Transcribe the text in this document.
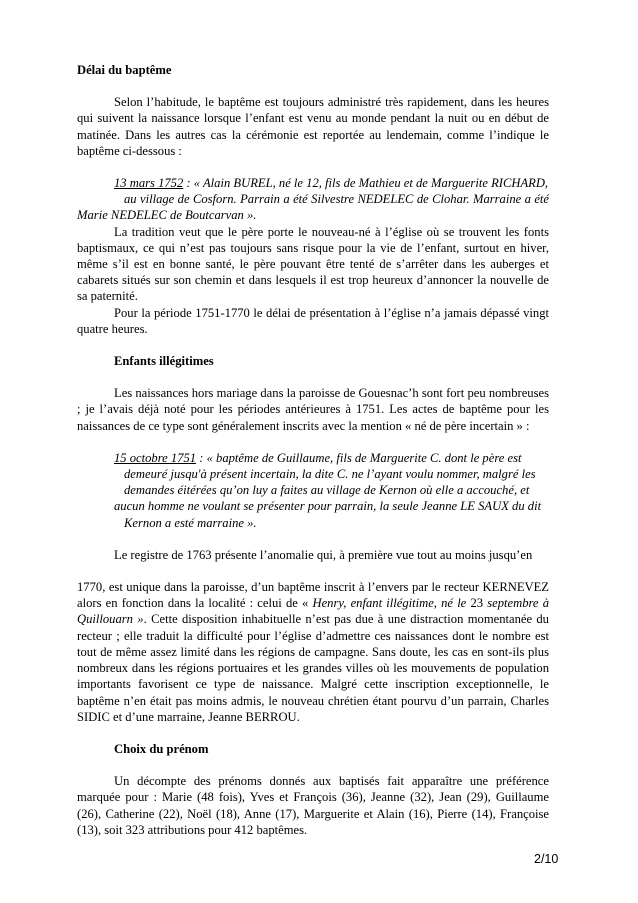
Délai du baptême

Selon l’habitude, le baptême est toujours administré très rapidement, dans les heures qui suivent la naissance lorsque l’enfant est venu au monde pendant la nuit ou en début de matinée. Dans les autres cas la cérémonie est reportée au lendemain, comme l’indique le baptême ci-dessous :

13 mars 1752 : « Alain BUREL, né le 12, fils de Mathieu et de Marguerite RICHARD,

au village de Cosforn. Parrain a été Silvestre NEDELEC de Clohar. Marraine a été Marie NEDELEC de Boutcarvan ».

La tradition veut que le père porte le nouveau-né à l’église où se trouvent les fonts baptismaux, ce qui n’est pas toujours sans risque pour la vie de l’enfant, surtout en hiver, même s’il est en bonne santé, le père pouvant être tenté de s’arrêter dans les auberges et cabarets situés sur son chemin et dans lesquels il est trop heureux d’annoncer la nouvelle de sa paternité.

Pour la période 1751-1770 le délai de présentation à l’église n’a jamais dépassé vingt quatre heures.

Enfants illégitimes

Les naissances hors mariage dans la paroisse de Gouesnac’h sont fort peu nombreuses ; je l’avais déjà noté pour les périodes antérieures à 1751. Les actes de baptême pour les naissances de ce type sont généralement inscrits avec la mention « né de père incertain » :

15 octobre 1751 : « baptême de Guillaume, fils de Marguerite C. dont le père est

demeuré jusqu'à présent incertain, la dite C. ne l’ayant voulu nommer, malgré les

demandes éitérées qu’on luy a faites au village de Kernon où elle a accouché, et

aucun homme ne voulant se présenter pour parrain, la seule Jeanne LE SAUX du dit

Kernon a esté marraine ».

Le registre de 1763 présente l’anomalie qui, à première vue tout au moins jusqu’en

1770, est unique dans la paroisse, d’un baptême inscrit à l’envers par le recteur KERNEVEZ alors en fonction dans la localité : celui de « Henry, enfant illégitime, né le 23 septembre à Quillouarn ». Cette disposition inhabituelle n’est pas due à une distraction momentanée du recteur ; elle traduit la difficulté pour l’église d’admettre ces naissances dont le nombre est tout de même assez limité dans les régions de campagne. Sans doute, les cas en sont-ils plus nombreux dans les régions portuaires et les grandes villes où les mouvements de population importants favorisent ce type de naissance. Malgré cette inscription exceptionnelle, le baptême n’en était pas moins admis, le nouveau chrétien étant pourvu d’un parrain, Charles SIDIC et d’une marraine, Jeanne BERROU.

Choix du prénom

Un décompte des prénoms donnés aux baptisés fait apparaître une préférence marquée pour : Marie (48 fois), Yves et François (36), Jeanne (32), Jean (29), Guillaume (26), Catherine (22), Noël (18), Anne (17), Marguerite et Alain (16), Pierre (14), Françoise (13), soit 323 attributions pour 412 baptêmes.

2/10
